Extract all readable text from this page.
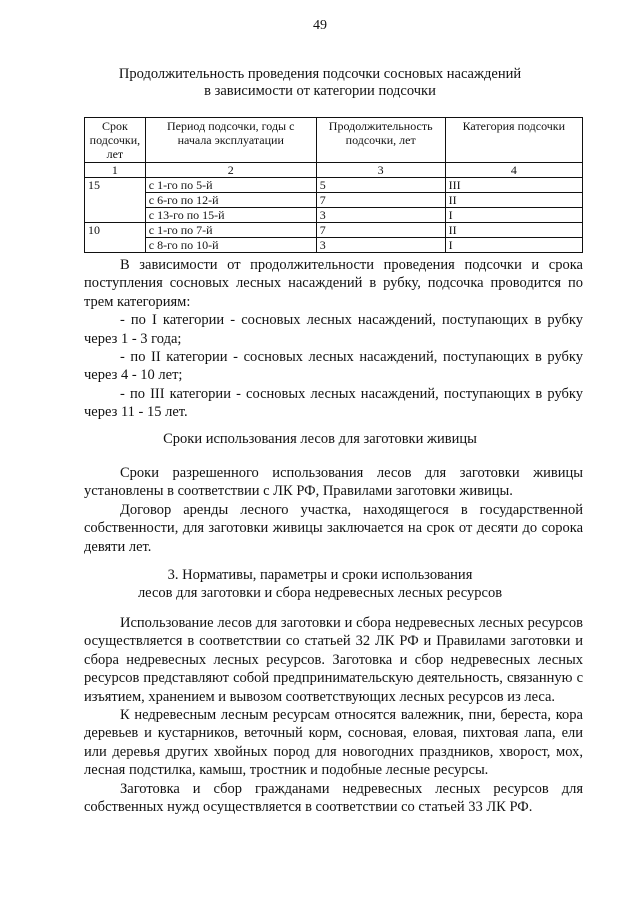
49
Продолжительность проведения подсочки сосновых насаждений
в зависимости от категории подсочки
Срок подсочки, лет	Период подсочки, годы с начала эксплуатации	Продолжительность подсочки, лет	Категория подсочки
1	2	3	4
15	с 1-го по 5-й	5	III
	с 6-го по 12-й	7	II
	с 13-го по 15-й	3	I
10	с 1-го по 7-й	7	II
	с 8-го по 10-й	3	I

В зависимости от продолжительности проведения подсочки и срока поступления сосновых лесных насаждений в рубку, подсочка проводится по трем категориям:

- по I категории - сосновых лесных насаждений, поступающих в рубку через 1 - 3 года;

- по II категории - сосновых лесных насаждений, поступающих в рубку через 4 - 10 лет;

- по III категории - сосновых лесных насаждений, поступающих в рубку через 11 - 15 лет.

Сроки использования лесов для заготовки живицы

Сроки разрешенного использования лесов для заготовки живицы установлены в соответствии с ЛК РФ, Правилами заготовки живицы.

Договор аренды лесного участка, находящегося в государственной собственности, для заготовки живицы заключается на срок от десяти до сорока девяти лет.

3. Нормативы, параметры и сроки использования
лесов для заготовки и сбора недревесных лесных ресурсов

Использование лесов для заготовки и сбора недревесных лесных ресурсов осуществляется в соответствии со статьей 32 ЛК РФ и Правилами заготовки и сбора недревесных лесных ресурсов. Заготовка и сбор недревесных лесных ресурсов представляют собой предпринимательскую деятельность, связанную с изъятием, хранением и вывозом соответствующих лесных ресурсов из леса.

К недревесным лесным ресурсам относятся валежник, пни, береста, кора деревьев и кустарников, веточный корм, сосновая, еловая, пихтовая лапа, ели или деревья других хвойных пород для новогодних праздников, хворост, мох, лесная подстилка, камыш, тростник и подобные лесные ресурсы.

Заготовка и сбор гражданами недревесных лесных ресурсов для собственных нужд осуществляется в соответствии со статьей 33 ЛК РФ.
